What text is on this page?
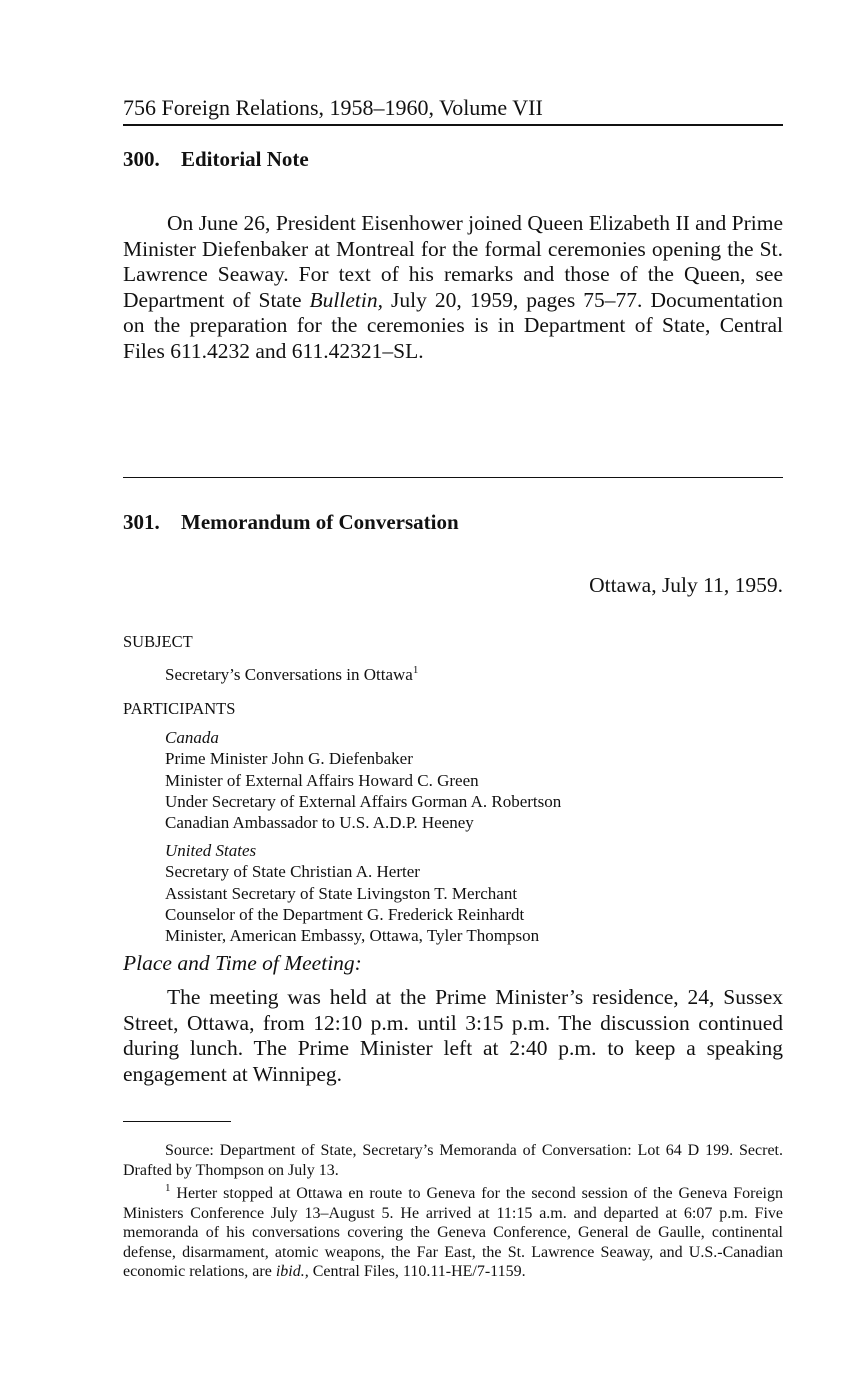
756 Foreign Relations, 1958–1960, Volume VII
300. Editorial Note

On June 26, President Eisenhower joined Queen Elizabeth II and Prime Minister Diefenbaker at Montreal for the formal ceremonies opening the St. Lawrence Seaway. For text of his remarks and those of the Queen, see Department of State Bulletin, July 20, 1959, pages 75–77. Documentation on the preparation for the ceremonies is in Department of State, Central Files 611.4232 and 611.42321–SL.

301. Memorandum of Conversation
Ottawa, July 11, 1959.
SUBJECT
Secretary’s Conversations in Ottawa$^1$
PARTICIPANTS
Canada
Prime Minister John G. Diefenbaker
Minister of External Affairs Howard C. Green
Under Secretary of External Affairs Gorman A. Robertson
Canadian Ambassador to U.S. A.D.P. Heeney
United States
Secretary of State Christian A. Herter
Assistant Secretary of State Livingston T. Merchant
Counselor of the Department G. Frederick Reinhardt
Minister, American Embassy, Ottawa, Tyler Thompson
Place and Time of Meeting:

The meeting was held at the Prime Minister’s residence, 24, Sussex Street, Ottawa, from 12:10 p.m. until 3:15 p.m. The discussion continued during lunch. The Prime Minister left at 2:40 p.m. to keep a speaking engagement at Winnipeg.

Source: Department of State, Secretary’s Memoranda of Conversation: Lot 64 D 199. Secret. Drafted by Thompson on July 13.

$^1$ Herter stopped at Ottawa en route to Geneva for the second session of the Geneva Foreign Ministers Conference July 13–August 5. He arrived at 11:15 a.m. and departed at 6:07 p.m. Five memoranda of his conversations covering the Geneva Conference, General de Gaulle, continental defense, disarmament, atomic weapons, the Far East, the St. Lawrence Seaway, and U.S.-Canadian economic relations, are ibid., Central Files, 110.11-HE/7-1159.
